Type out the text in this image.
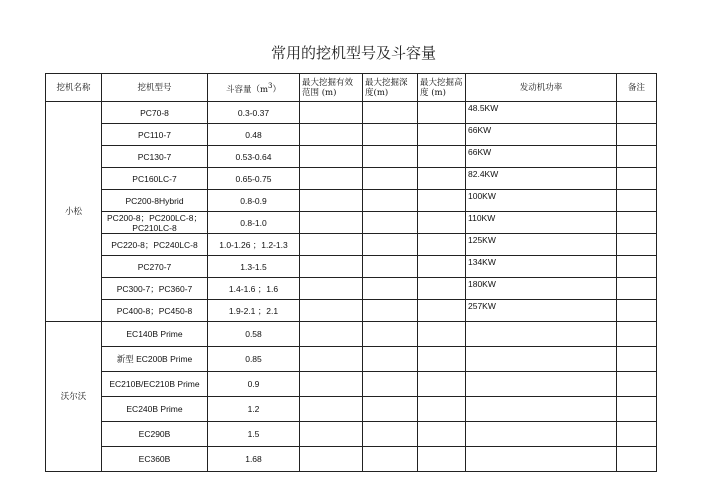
常用的挖机型号及斗容量
挖机名称	挖机型号	斗容量$(m^3)$	最大挖掘有效范围 (m)	最大挖掘深度(m)	最大挖掘高度 (m)	发动机功率	备注
小松	PC70-8	0.3-0.37				48.5KW	
	PC110-7	0.48				66KW	
	PC130-7	0.53-0.64				66KW	
	PC160LC-7	0.65-0.75				82.4KW	
	PC200-8Hybrid	0.8-0.9				100KW	
	PC200-8；PC200LC-8；PC210LC-8	0.8-1.0				110KW	
	PC220-8；PC240LC-8	1.0-1.26 ；1.2-1.3				125KW	
	PC270-7	1.3-1.5				134KW	
	PC300-7；PC360-7	1.4-1.6 ；1.6				180KW	
	PC400-8；PC450-8	1.9-2.1 ；2.1				257KW	
沃尔沃	EC140B Prime	0.58					
	新型 EC200B Prime	0.85					
	EC210B/EC210B Prime	0.9					
	EC240B Prime	1.2					
	EC290B	1.5					
	EC360B	1.68					
